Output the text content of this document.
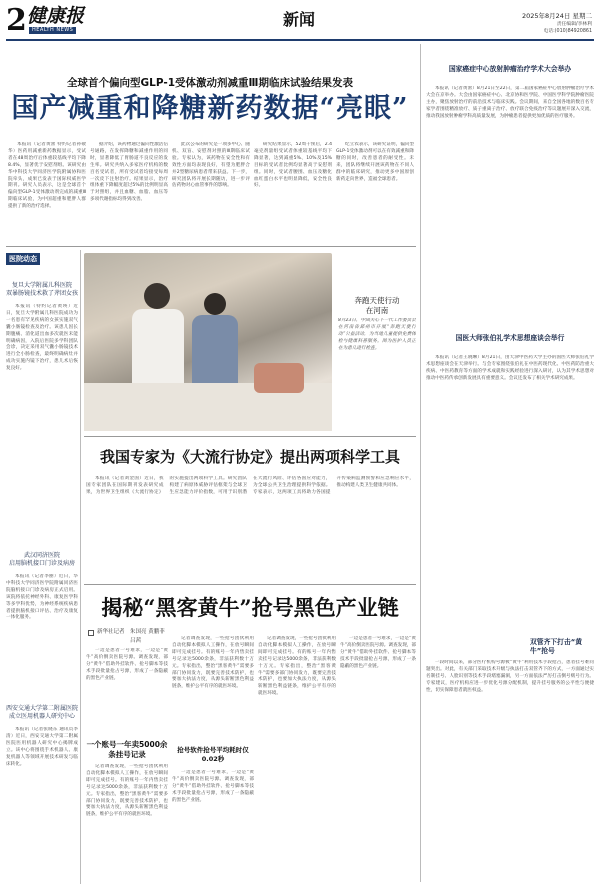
2 健康报
HEALTH NEWS
新闻	2025年8月24日 星期二
责任编辑/李林利
电话:(010)84920861
全球首个偏向型GLP-1受体激动剂减重Ⅲ期临床试验结果发表
国产减重和降糖新药数据“亮眼”
本报讯（记者黄蕾 特约记者孙敬华）医药用减重新药数据显示，受试者在48周治疗后体重较基线平均下降8.4%，显著优于安慰剂组。该研究由华中科技大学同济医学院附属协和医院牵头，成果已发表于国际权威医学期刊。研究人员表示，这是全球首个偏向型GLP-1受体激动剂完成的减重Ⅲ期临床试验，为中国超重和肥胖人群提供了新的治疗选择。
据介绍，该药物通过偏向性激活信号通路，在发挥降糖和减重作用的同时，显著降低了胃肠道不良反应的发生率。研究共纳入多家医疗机构的数百名受试者，所有受试者均接受每周一次皮下注射治疗。结果显示，治疗组体重下降幅度超过5%的比例明显高于对照组，并且血糖、血脂、血压等多项代谢指标均得到改善。
此次公布的研究是一项多中心、随机、双盲、安慰剂对照的Ⅲ期临床试验。专家认为，该药物在安全性和有效性方面均表现良好，有望为肥胖合并2型糖尿病患者带来获益。下一步，研究团队将开展长期随访，进一步评估药物对心血管事件的影响。
研究结果显示，52周干预后，2.4毫克剂量组受试者体重较基线平均下降显著，达到减重5%、10%及15%目标的受试者比例均显著高于安慰剂组。同时，受试者腰围、血压及糖化血红蛋白水平也明显降低，安全性良好。
纪立农表示，该研究证明，偏向型GLP-1受体激动剂可以在有效减重和降糖的同时，改善患者的耐受性。未来，团队将继续开展该药物在不同人群中的临床研究，推动更多中国原创新药走向世界，造福全球患者。
国家癌症中心放射肿瘤治疗学术大会举办
本报讯（记者黄蕾）8月21日至22日，第二届国家癌症中心放射肿瘤治疗学术大会在京举办。大会由国家癌症中心、北京协和医学院、中国医学科学院肿瘤医院主办，聚焦放射治疗的前沿技术与临床实践。会议期间，来自全国各地的数百名专家学者围绕精准放疗、质子重离子治疗、放疗联合免疫治疗等议题展开深入交流，推动我国放射肿瘤学科高质量发展，为肿瘤患者提供更加优质的医疗服务。
国医大师张伯礼学术思想座谈会举行
本报讯（记者王晓琳）8月21日，由天津中医药大学主办的国医大师张伯礼学术思想座谈会在天津举行。与会专家围绕张伯礼在中医药现代化、中医药防治重大疾病、中医药教育等方面的学术成就和实践经验进行深入研讨，认为其学术思想对推动中医药传承创新发展具有重要意义。会议还发布了相关学术研究成果。
双管齐下打击“黄牛”抢号
一段时间以来，部分医疗机构号源被“黄牛”利用技术手段抢占，患者挂号难问题突出。对此，有关部门采取技术升级与执法打击双管齐下的方式，一方面通过实名制挂号、人脸识别等技术手段堵塞漏洞，另一方面依法严厉打击倒号贩号行为。专家建议，医疗机构应进一步优化号源分配机制，提升挂号服务的公平性与便捷性，切实保障患者就医权益。
医院动态
复旦大学附属儿科医院
双暴肠镜技术救了斧团女孩
本报讯（特约记者黄瑛）近日，复旦大学附属儿科医院成功为一名患有罕见疾病的女孩实施双气囊小肠镜检查及治疗。该患儿因长期腹痛、消化道出血多次就医未能明确病因，入院后医院多学科团队会诊，决定采用双气囊小肠镜技术进行全小肠检查，最终明确病灶并成功实施内镜下治疗，患儿术后恢复良好。
武汉同济医院
启用脑机接口门诊及病房
本报讯（记者李丽）近日，华中科技大学同济医学院附属同济医院脑机接口门诊及病房正式启用。该院将依托神经外科、康复医学科等多学科优势，为神经系统疾病患者提供脑机接口评估、治疗及康复一体化服务。
西安交通大学第二附属医院
成立医用机器人研究中心
本报讯（记者张晓东 通讯员李清）近日，西安交通大学第二附属医院医用机器人研究中心揭牌成立。该中心将围绕手术机器人、康复机器人等领域开展技术研发与临床转化。
奔跑天使行动
在河南
8月23日，中国关心下一代工作委员会在河南省郑州市开展“奔跑天使行动”公益活动，为当地儿童提供免费体检与健康科普服务。图为医护人员正在为患儿进行检查。
我国专家为《大流行协定》提出两项科学工具
本报讯（记者刘金国）近日，我国专家团队在国际期刊发表研究成果，为世界卫生组织《大流行协定》的实施提出两项科学工具。研究团队构建了病原体威胁评估框架与全球卫生应急能力评价指数，可用于识别潜在大流行风险、评估各国应对能力，为全球公共卫生治理提供科学依据。专家表示，这两项工具将助力各国提升传染病监测预警和应急响应水平，推动构建人类卫生健康共同体。
揭秘“黑客黄牛”抢号黑色产业链
新华社记者 朱国亮 黄鹏菲
吕茜
一边是患者一号难求，一边是“黄牛”高价倒卖医院号源。调查发现，部分“黄牛”借助外挂软件、抢号脚本等技术手段批量抢占号源，形成了一条隐蔽的黑色产业链。
一个账号一年卖5000余条挂号记录
记者调查发现，一些抢号团伙利用自动化脚本模拟人工操作，在放号瞬间即可完成挂号。有的账号一年内售卖挂号记录达5000余条，非法获利数十万元。专家指出，整治“黑客黄牛”需要多部门协同发力，既要完善技术防护，也要加大执法力度，从源头斩断黑色利益链条，维护公平有序的就医环境。
抢号软件抢号平均耗时仅0.02秒
记者调查发现，一些抢号团伙利用自动化脚本模拟人工操作，在放号瞬间即可完成挂号。有的账号一年内售卖挂号记录达5000余条，非法获利数十万元。专家指出，整治“黑客黄牛”需要多部门协同发力，既要完善技术防护，也要加大执法力度，从源头斩断黑色利益链条，维护公平有序的就医环境。
一边是患者一号难求，一边是“黄牛”高价倒卖医院号源。调查发现，部分“黄牛”借助外挂软件、抢号脚本等技术手段批量抢占号源，形成了一条隐蔽的黑色产业链。
记者调查发现，一些抢号团伙利用自动化脚本模拟人工操作，在放号瞬间即可完成挂号。有的账号一年内售卖挂号记录达5000余条，非法获利数十万元。专家指出，整治“黑客黄牛”需要多部门协同发力，既要完善技术防护，也要加大执法力度，从源头斩断黑色利益链条，维护公平有序的就医环境。
一边是患者一号难求，一边是“黄牛”高价倒卖医院号源。调查发现，部分“黄牛”借助外挂软件、抢号脚本等技术手段批量抢占号源，形成了一条隐蔽的黑色产业链。
